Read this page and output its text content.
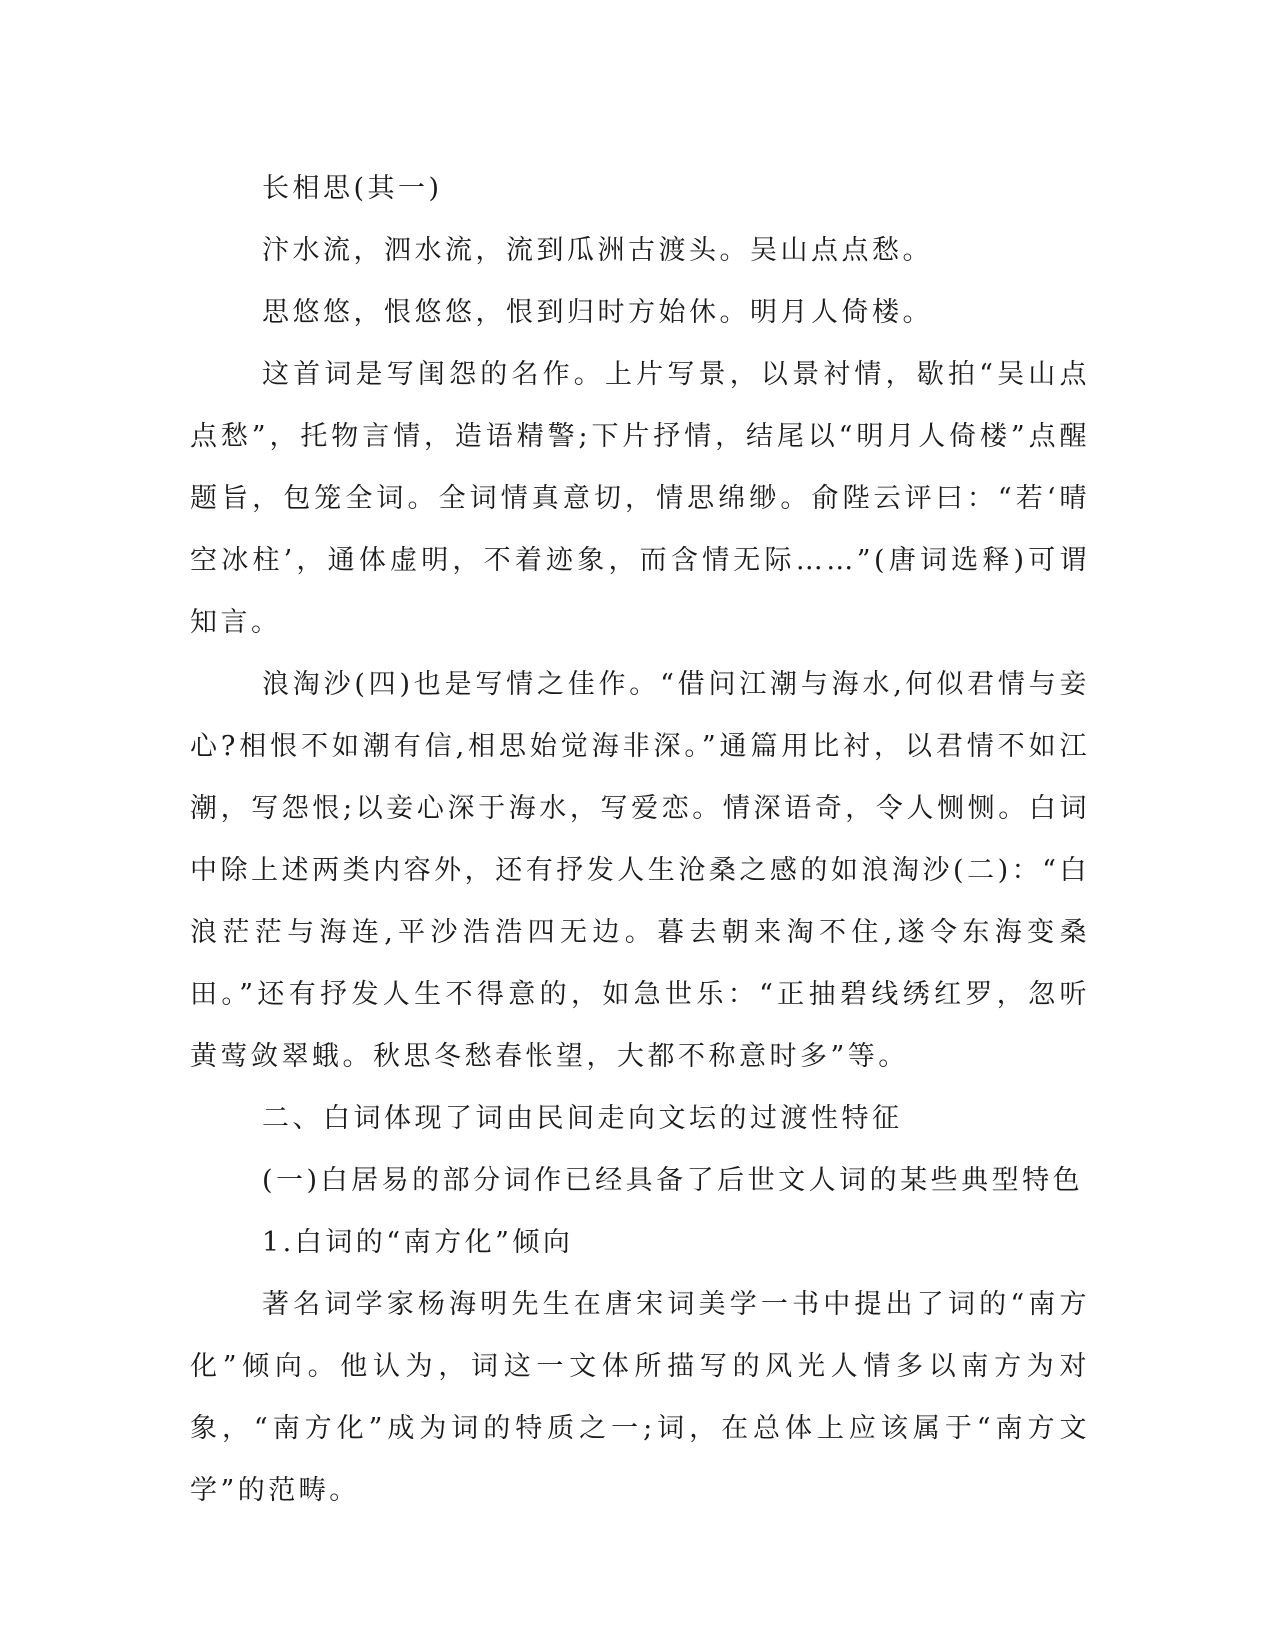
长相思(其一)

汴水流，泗水流，流到瓜洲古渡头。吴山点点愁。

思悠悠，恨悠悠，恨到归时方始休。明月人倚楼。

这首词是写闺怨的名作。上片写景，以景衬情，歇拍“吴山点点愁”，托物言情，造语精警;下片抒情，结尾以“明月人倚楼”点醒题旨，包笼全词。全词情真意切，情思绵缈。俞陛云评曰：“若‘晴空冰柱’，通体虚明，不着迹象，而含情无际……”(唐词选释)可谓知言。

浪淘沙(四)也是写情之佳作。“借问江潮与海水,何似君情与妾心?相恨不如潮有信,相思始觉海非深。”通篇用比衬，以君情不如江潮，写怨恨;以妾心深于海水，写爱恋。情深语奇，令人恻恻。白词中除上述两类内容外，还有抒发人生沧桑之感的如浪淘沙(二)：“白浪茫茫与海连,平沙浩浩四无边。暮去朝来淘不住,遂令东海变桑田。”还有抒发人生不得意的，如急世乐：“正抽碧线绣红罗，忽听黄莺敛翠蛾。秋思冬愁春怅望，大都不称意时多”等。

二、白词体现了词由民间走向文坛的过渡性特征

(一)白居易的部分词作已经具备了后世文人词的某些典型特色

1.白词的“南方化”倾向

著名词学家杨海明先生在唐宋词美学一书中提出了词的“南方化”倾向。他认为，词这一文体所描写的风光人情多以南方为对象，“南方化”成为词的特质之一;词，在总体上应该属于“南方文学”的范畴。
